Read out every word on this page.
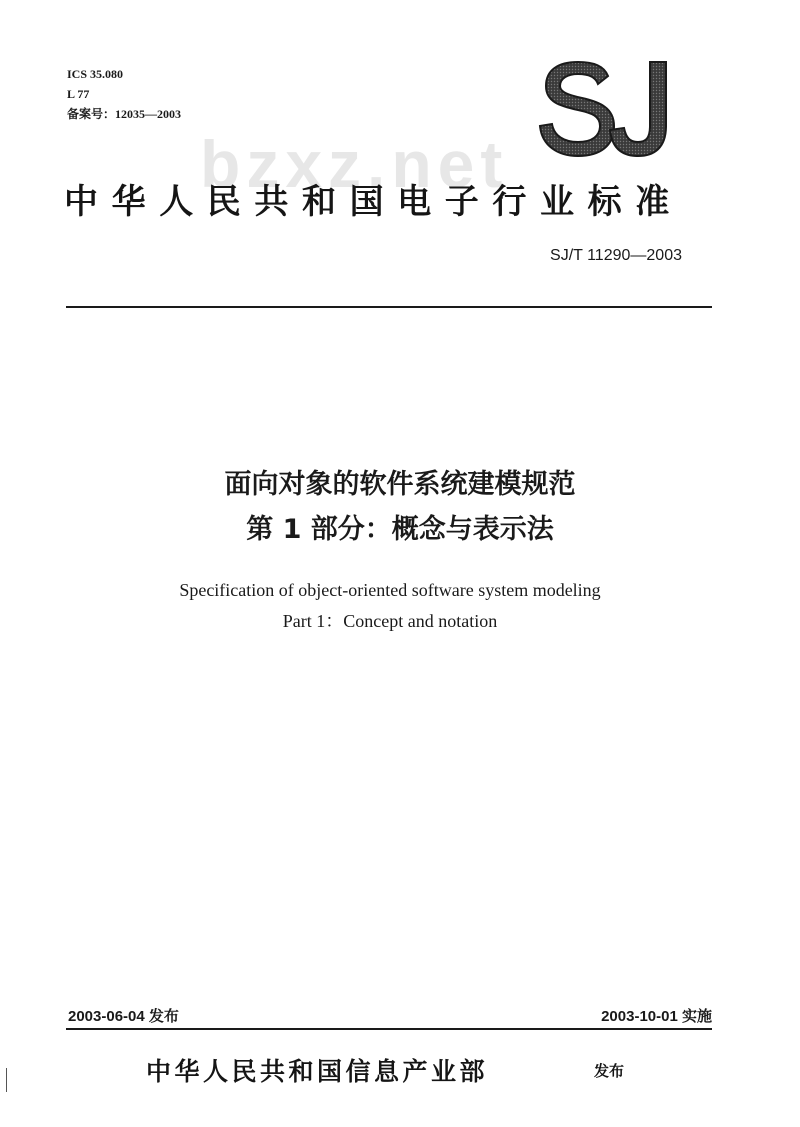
ICS 35.080
L 77
备案号：12035—2003
bzxz.net
中华人民共和国电子行业标准
SJ/T 11290—2003
面向对象的软件系统建模规范
第 1 部分：概念与表示法
Specification of object-oriented software system modeling
Part 1：Concept and notation
2003-06-04 发布	2003-10-01 实施
中华人民共和国信息产业部	发布
